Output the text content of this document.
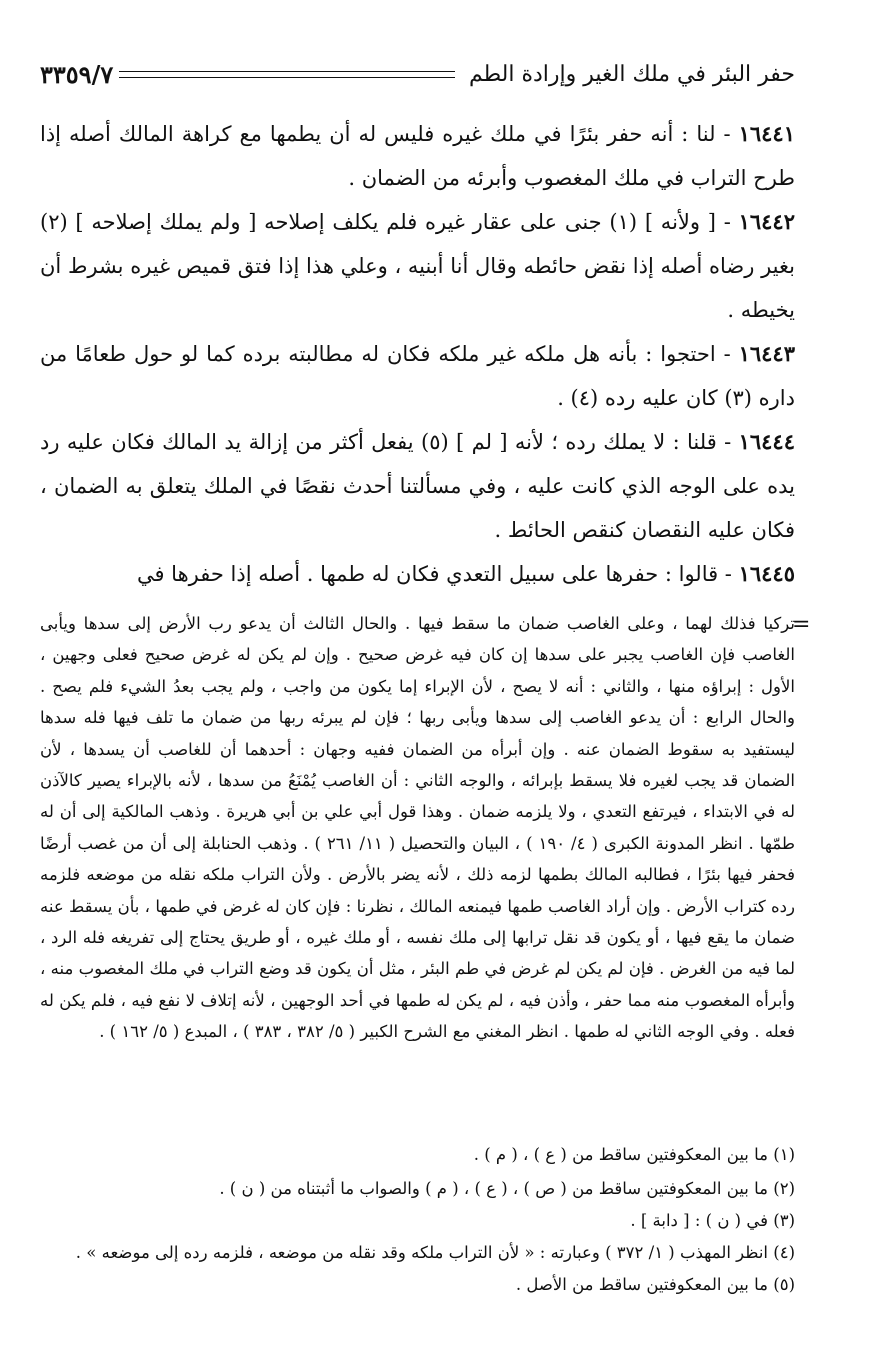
حفر البئر في ملك الغير وإرادة الطم
٣٣٥٩/٧

١٦٤٤١ - لنا : أنه حفر بئرًا في ملك غيره فليس له أن يطمها مع كراهة المالك أصله إذا طرح التراب في ملك المغصوب وأبرئه من الضمان .

١٦٤٤٢ - [ ولأنه ] (١) جنى على عقار غيره فلم يكلف إصلاحه [ ولم يملك إصلاحه ] (٢) بغير رضاه أصله إذا نقض حائطه وقال أنا أبنيه ، وعلي هذا إذا فتق قميص غيره بشرط أن يخيطه .

١٦٤٤٣ - احتجوا : بأنه هل ملكه غير ملكه فكان له مطالبته برده كما لو حول طعامًا من داره (٣) كان عليه رده (٤) .

١٦٤٤٤ - قلنا : لا يملك رده ؛ لأنه [ لم ] (٥) يفعل أكثر من إزالة يد المالك فكان عليه رد يده على الوجه الذي كانت عليه ، وفي مسألتنا أحدث نقصًا في الملك يتعلق به الضمان ، فكان عليه النقصان كنقص الحائط .

١٦٤٤٥ - قالوا : حفرها على سبيل التعدي فكان له طمها . أصله إذا حفرها في

=
تركيا فذلك لهما ، وعلى الغاصب ضمان ما سقط فيها . والحال الثالث أن يدعو رب الأرض إلى سدها ويأبى الغاصب فإن الغاصب يجبر على سدها إن كان فيه غرض صحيح . وإن لم يكن له غرض صحيح فعلى وجهين ، الأول : إبراؤه منها ، والثاني : أنه لا يصح ، لأن الإبراء إما يكون من واجب ، ولم يجب بعدُ الشيء فلم يصح . والحال الرابع : أن يدعو الغاصب إلى سدها ويأبى ربها ؛ فإن لم يبرئه ربها من ضمان ما تلف فيها فله سدها ليستفيد به سقوط الضمان عنه . وإن أبرأه من الضمان ففيه وجهان : أحدهما أن للغاصب أن يسدها ، لأن الضمان قد يجب لغيره فلا يسقط بإبرائه ، والوجه الثاني : أن الغاصب يُمْنَعُ من سدها ، لأنه بالإبراء يصير كالآذن له في الابتداء ، فيرتفع التعدي ، ولا يلزمه ضمان . وهذا قول أبي علي بن أبي هريرة . وذهب المالكية إلى أن له طمّها . انظر المدونة الكبرى ( ٤/ ١٩٠ ) ، البيان والتحصيل ( ١١/ ٢٦١ ) . وذهب الحنابلة إلى أن من غصب أرضًا فحفر فيها بئرًا ، فطالبه المالك بطمها لزمه ذلك ، لأنه يضر بالأرض . ولأن التراب ملكه نقله من موضعه فلزمه رده كتراب الأرض . وإن أراد الغاصب طمها فيمنعه المالك ، نظرنا : فإن كان له غرض في طمها ، بأن يسقط عنه ضمان ما يقع فيها ، أو يكون قد نقل ترابها إلى ملك نفسه ، أو ملك غيره ، أو طريق يحتاج إلى تفريغه فله الرد ، لما فيه من الغرض . فإن لم يكن لم غرض في طم البئر ، مثل أن يكون قد وضع التراب في ملك المغصوب منه ، وأبرأه المغصوب منه مما حفر ، وأذن فيه ، لم يكن له طمها في أحد الوجهين ، لأنه إتلاف لا نفع فيه ، فلم يكن له فعله . وفي الوجه الثاني له طمها . انظر المغني مع الشرح الكبير ( ٥/ ٣٨٢ ، ٣٨٣ ) ، المبدع ( ٥/ ١٦٢ ) .
(١) ما بين المعكوفتين ساقط من ( ع ) ، ( م ) .
(٢) ما بين المعكوفتين ساقط من ( ص ) ، ( ع ) ، ( م ) والصواب ما أثبتناه من ( ن ) .
(٣) في ( ن ) : [ دابة ] .
(٤) انظر المهذب ( ١/ ٣٧٢ ) وعبارته : « لأن التراب ملكه وقد نقله من موضعه ، فلزمه رده إلى موضعه » .
(٥) ما بين المعكوفتين ساقط من الأصل .
